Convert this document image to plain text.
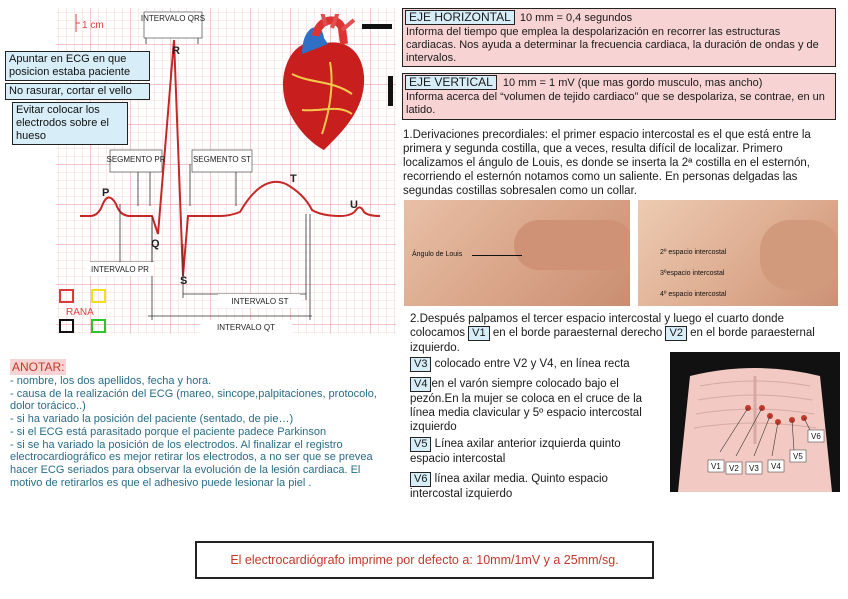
1 cm
INTERVALO QRS
R
P
Q
S
T
U
SEGMENTO PR	SEGMENTO ST
INTERVALO PR
INTERVALO ST
INTERVALO QT
RANA
Apuntar en ECG en que posicion estaba paciente
No rasurar, cortar el vello
Evitar colocar los electrodos sobre el hueso
EJE HORIZONTAL 10 mm = 0,4 segundos
Informa del tiempo que emplea la despolarización en recorrer las estructuras cardiacas. Nos ayuda a determinar la frecuencia cardiaca, la duración de ondas y de intervalos.
EJE VERTICAL 10 mm = 1 mV (que mas gordo musculo, mas ancho)
Informa acerca del “volumen de tejido cardiaco” que se despolariza, se contrae, en un latido.
1.Derivaciones precordiales: el primer espacio intercostal es el que está entre la primera y segunda costilla, que a veces, resulta difícil de localizar. Primero localizamos el ángulo de Louis, es donde se inserta la 2ª costilla en el esternón, recorriendo el esternón notamos como un saliente. En personas delgadas las segundas costillas sobresalen como un collar.
Ángulo de Louis	2º espacio intercostal
3ºespacio intercostal
4º espacio intercostal
2.Después palpamos el tercer espacio intercostal y luego el cuarto donde colocamos V1 en el borde paraesternal derecho V2 en el borde paraesternal izquierdo.
V3 colocado entre V2 y V4, en línea recta
V4 en el varón siempre colocado bajo el pezón.En la mujer se coloca en el cruce de la línea media clavicular y 5º espacio intercostal izquierdo
V5 Línea axilar anterior izquierda quinto espacio intercostal
V6 línea axilar media. Quinto espacio intercostal izquierdo
V1 V2 V3 V4
V5
V6
ANOTAR:
- nombre, los dos apellidos, fecha y hora.
- causa de la realización del ECG (mareo, sincope,palpitaciones, protocolo, dolor torácico..)
- si ha variado la posición del paciente (sentado, de pie…)
- si el ECG está parasitado porque el paciente padece Parkinson
- si se ha variado la posición de los electrodos. Al finalizar el registro electrocardiográfico es mejor retirar los electrodos, a no ser que se prevea hacer ECG seriados para observar la evolución de la lesión cardiaca. El motivo de retirarlos es que el adhesivo puede lesionar la piel .
El electrocardiógrafo imprime por defecto a: 10mm/1mV y a 25mm/sg.
